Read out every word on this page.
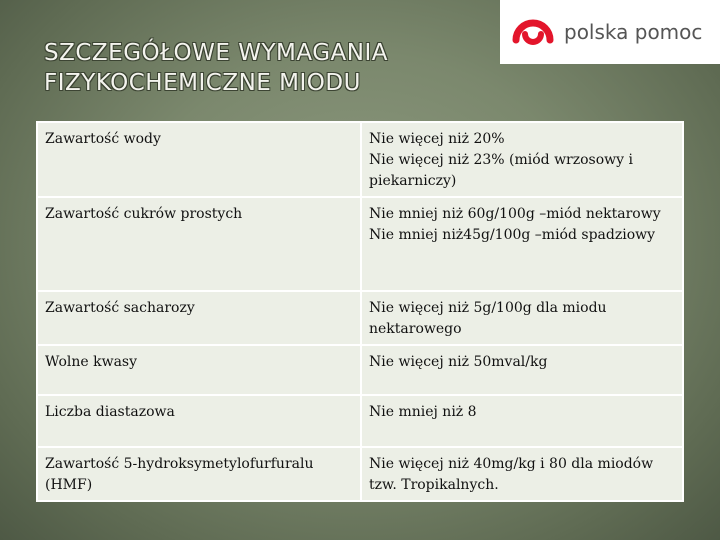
SZCZEGÓŁOWE WYMAGANIA
FIZYKOCHEMICZNE MIODU
polska pomoc
Zawartość wody	Nie więcej niż 20%
Nie więcej niż 23% (miód wrzosowy i piekarniczy)

Zawartość cukrów prostych	Nie mniej niż 60g/100g –miód nektarowy
Nie mniej niż45g/100g –miód spadziowy

Zawartość sacharozy	Nie więcej niż 5g/100g dla miodu nektarowego

Wolne kwasy	Nie więcej niż 50mval/kg

Liczba diastazowa	Nie mniej niż 8

Zawartość 5-hydroksymetylofurfuralu (HMF)	Nie więcej niż 40mg/kg i 80 dla miodów tzw. Tropikalnych.
